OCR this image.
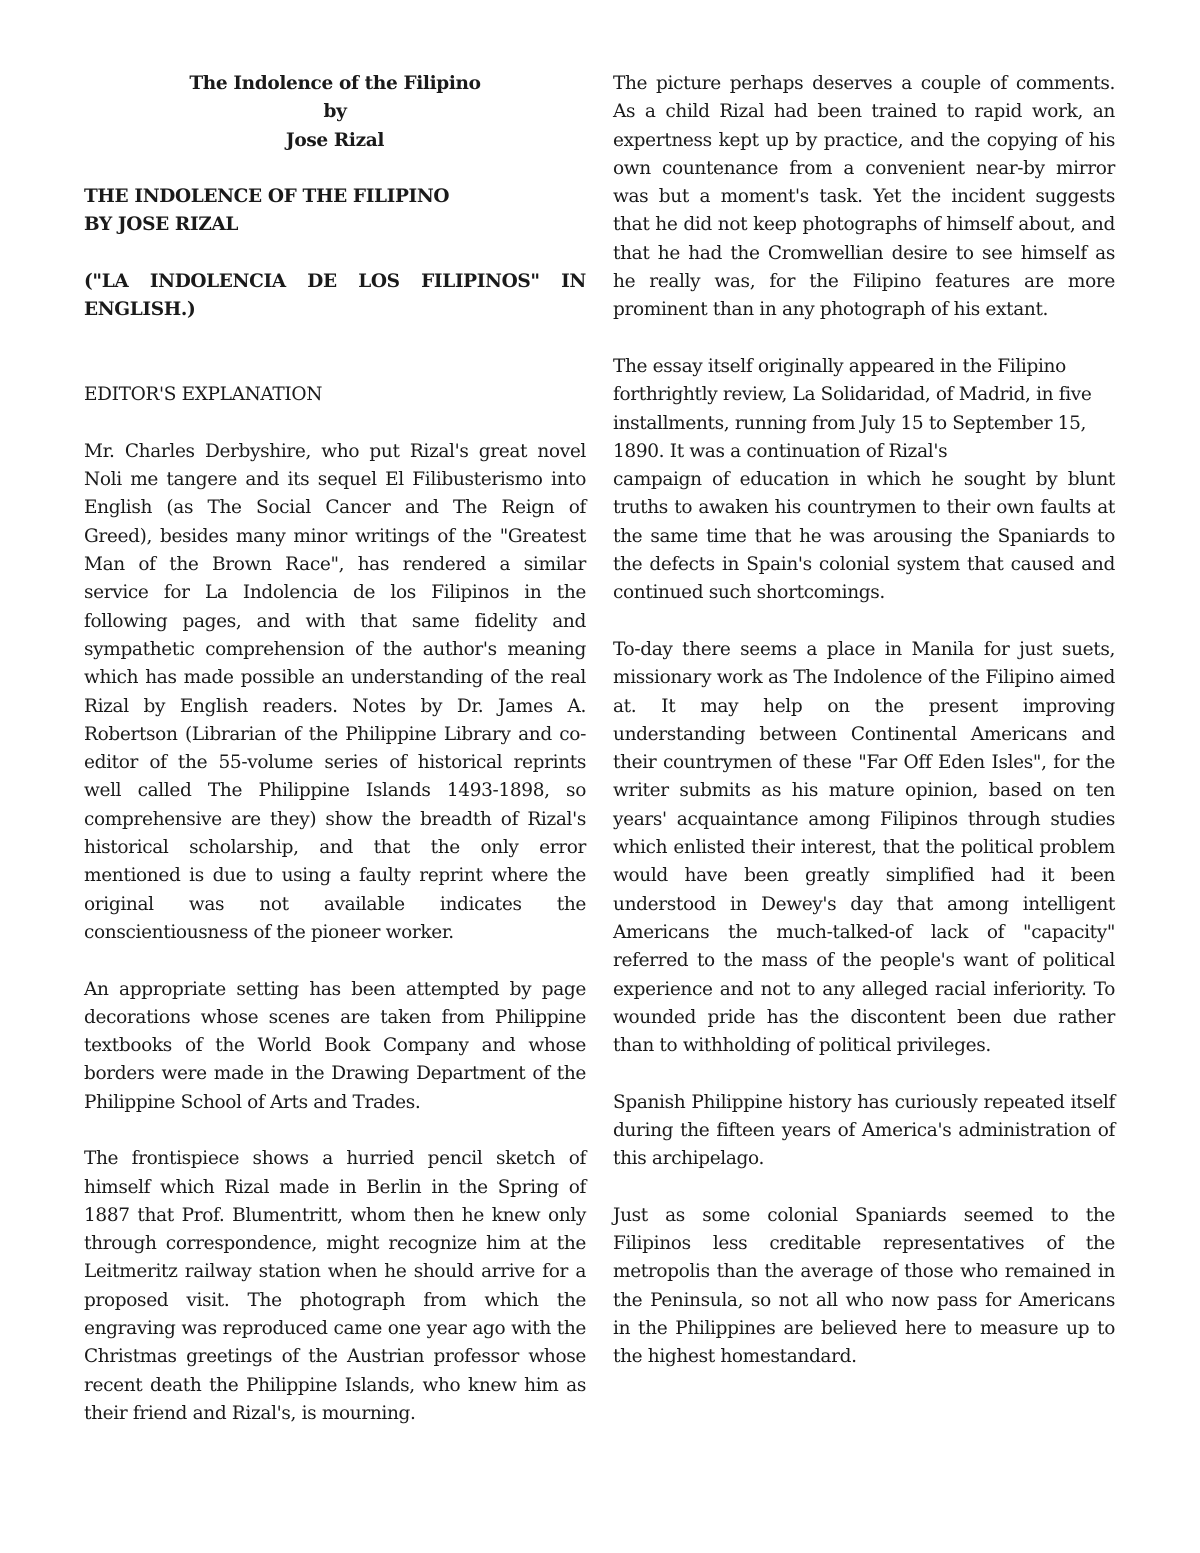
The Indolence of the Filipino
by
Jose Rizal
THE INDOLENCE OF THE FILIPINO
BY JOSE RIZAL
("LA INDOLENCIA DE LOS FILIPINOS" IN ENGLISH.)
EDITOR'S EXPLANATION

Mr. Charles Derbyshire, who put Rizal's great novel Noli me tangere and its sequel El Filibusterismo into English (as The Social Cancer and The Reign of Greed), besides many minor writings of the "Greatest Man of the Brown Race", has rendered a similar service for La Indolencia de los Filipinos in the following pages, and with that same fidelity and sympathetic comprehension of the author's meaning which has made possible an understanding of the real Rizal by English readers. Notes by Dr. James A. Robertson (Librarian of the Philippine Library and co-editor of the 55-volume series of historical reprints well called The Philippine Islands 1493-1898, so comprehensive are they) show the breadth of Rizal's historical scholarship, and that the only error mentioned is due to using a faulty reprint where the original was not available indicates the conscientiousness of the pioneer worker.

An appropriate setting has been attempted by page decorations whose scenes are taken from Philippine textbooks of the World Book Company and whose borders were made in the Drawing Department of the Philippine School of Arts and Trades.

The frontispiece shows a hurried pencil sketch of himself which Rizal made in Berlin in the Spring of 1887 that Prof. Blumentritt, whom then he knew only through correspondence, might recognize him at the Leitmeritz railway station when he should arrive for a proposed visit. The photograph from which the engraving was reproduced came one year ago with the Christmas greetings of the Austrian professor whose recent death the Philippine Islands, who knew him as their friend and Rizal's, is mourning.

The picture perhaps deserves a couple of comments. As a child Rizal had been trained to rapid work, an expertness kept up by practice, and the copying of his own countenance from a convenient near-by mirror was but a moment's task. Yet the incident suggests that he did not keep photographs of himself about, and that he had the Cromwellian desire to see himself as he really was, for the Filipino features are more prominent than in any photograph of his extant.

The essay itself originally appeared in the Filipino forthrightly review, La Solidaridad, of Madrid, in five installments, running from July 15 to September 15, 1890. It was a continuation of Rizal's

campaign of education in which he sought by blunt truths to awaken his countrymen to their own faults at the same time that he was arousing the Spaniards to the defects in Spain's colonial system that caused and continued such shortcomings.

To-day there seems a place in Manila for just suets, missionary work as The Indolence of the Filipino aimed at. It may help on the present improving understanding between Continental Americans and their countrymen of these "Far Off Eden Isles", for the writer submits as his mature opinion, based on ten years' acquaintance among Filipinos through studies which enlisted their interest, that the political problem would have been greatly simplified had it been understood in Dewey's day that among intelligent Americans the much-talked-of lack of "capacity" referred to the mass of the people's want of political experience and not to any alleged racial inferiority. To wounded pride has the discontent been due rather than to withholding of political privileges.

Spanish Philippine history has curiously repeated itself during the fifteen years of America's administration of this archipelago.

Just as some colonial Spaniards seemed to the Filipinos less creditable representatives of the metropolis than the average of those who remained in the Peninsula, so not all who now pass for Americans in the Philippines are believed here to measure up to the highest homestandard.
